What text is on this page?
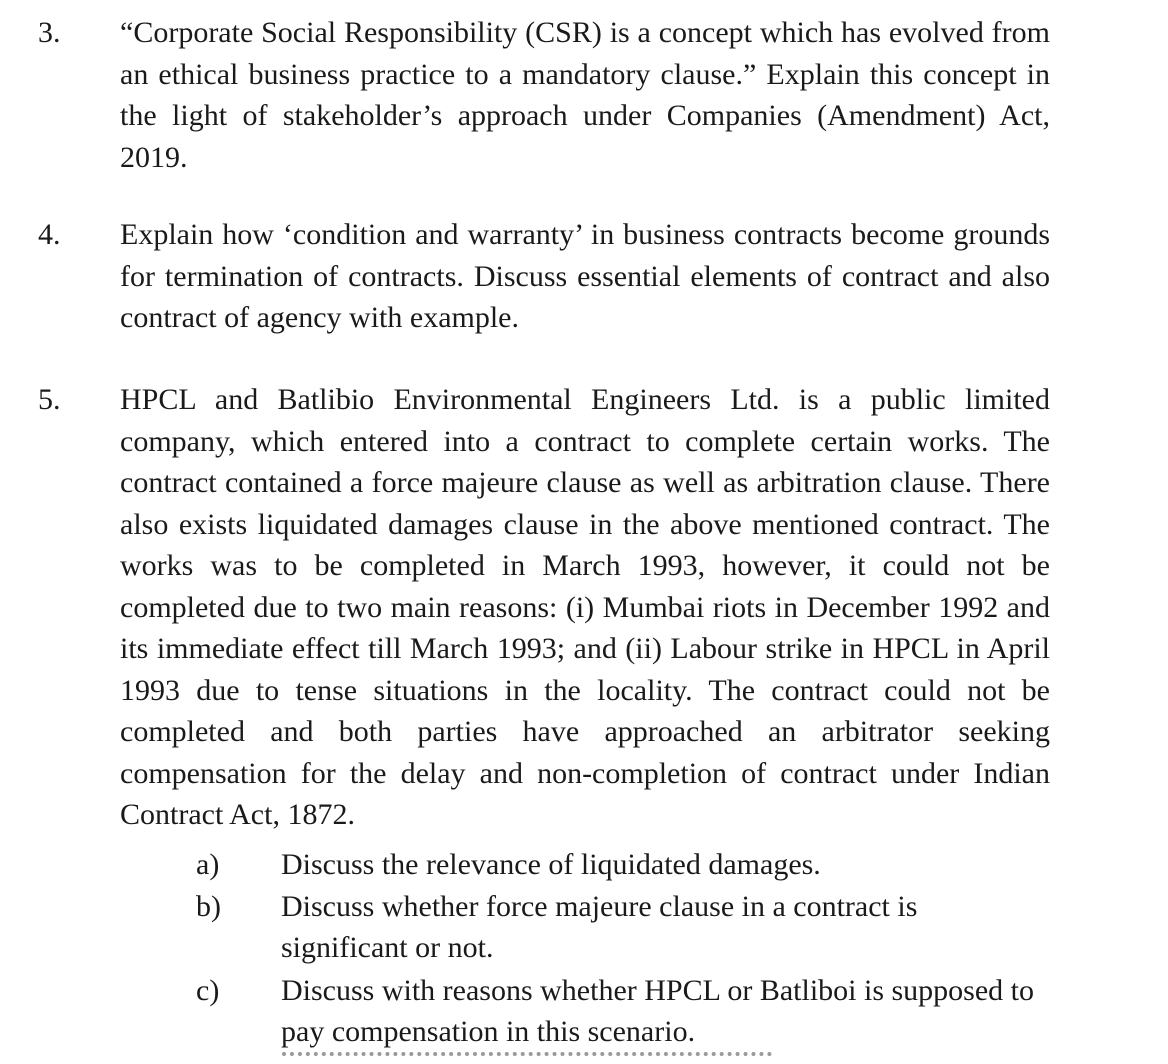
3. “Corporate Social Responsibility (CSR) is a concept which has evolved from an ethical business practice to a mandatory clause.” Explain this concept in the light of stakeholder’s approach under Companies (Amendment) Act, 2019.
4. Explain how ‘condition and warranty’ in business contracts become grounds for termination of contracts. Discuss essential elements of contract and also contract of agency with example.
5. HPCL and Batlibio Environmental Engineers Ltd. is a public limited company, which entered into a contract to complete certain works. The contract contained a force majeure clause as well as arbitration clause. There also exists liquidated damages clause in the above mentioned contract. The works was to be completed in March 1993, however, it could not be completed due to two main reasons: (i) Mumbai riots in December 1992 and its immediate effect till March 1993; and (ii) Labour strike in HPCL in April 1993 due to tense situations in the locality. The contract could not be completed and both parties have approached an arbitrator seeking compensation for the delay and non-completion of contract under Indian Contract Act, 1872.
a) Discuss the relevance of liquidated damages.
b) Discuss whether force majeure clause in a contract is significant or not.
c) Discuss with reasons whether HPCL or Batliboi is supposed to pay compensation in this scenario.
